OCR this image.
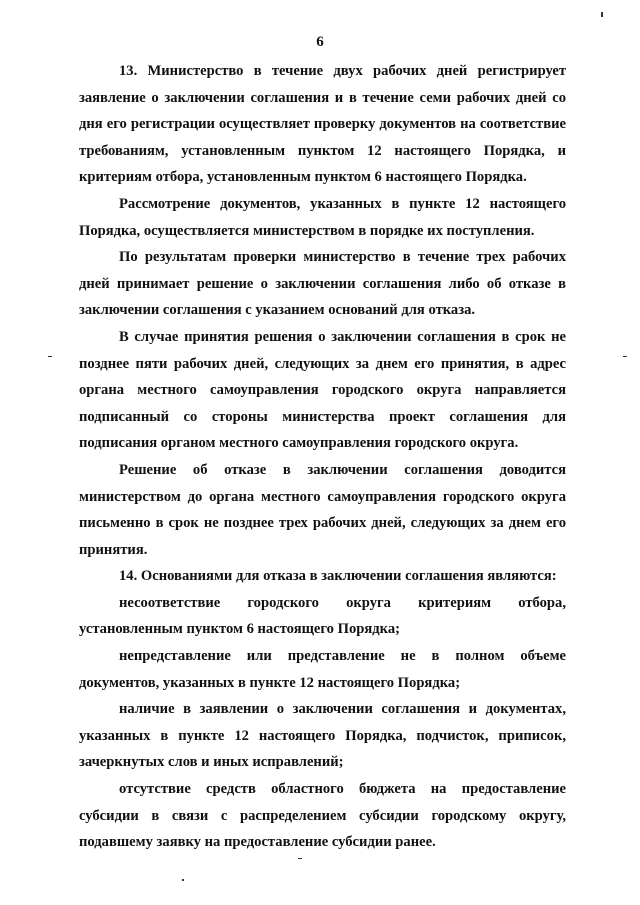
6

13. Министерство в течение двух рабочих дней регистрирует заявление о заключении соглашения и в течение семи рабочих дней со дня его регистрации осуществляет проверку документов на соответствие требованиям, установленным пунктом 12 настоящего Порядка, и критериям отбора, установленным пунктом 6 настоящего Порядка.

Рассмотрение документов, указанных в пункте 12 настоящего Порядка, осуществляется министерством в порядке их поступления.

По результатам проверки министерство в течение трех рабочих дней принимает решение о заключении соглашения либо об отказе в заключении соглашения с указанием оснований для отказа.

В случае принятия решения о заключении соглашения в срок не позднее пяти рабочих дней, следующих за днем его принятия, в адрес органа местного самоуправления городского округа направляется подписанный со стороны министерства проект соглашения для подписания органом местного самоуправления городского округа.

Решение об отказе в заключении соглашения доводится министерством до органа местного самоуправления городского округа письменно в срок не позднее трех рабочих дней, следующих за днем его принятия.

14. Основаниями для отказа в заключении соглашения являются:

несоответствие городского округа критериям отбора, установленным пунктом 6 настоящего Порядка;

непредставление или представление не в полном объеме документов, указанных в пункте 12 настоящего Порядка;

наличие в заявлении о заключении соглашения и документах, указанных в пункте 12 настоящего Порядка, подчисток, приписок, зачеркнутых слов и иных исправлений;

отсутствие средств областного бюджета на предоставление субсидии в связи с распределением субсидии городскому округу, подавшему заявку на предоставление субсидии ранее.
